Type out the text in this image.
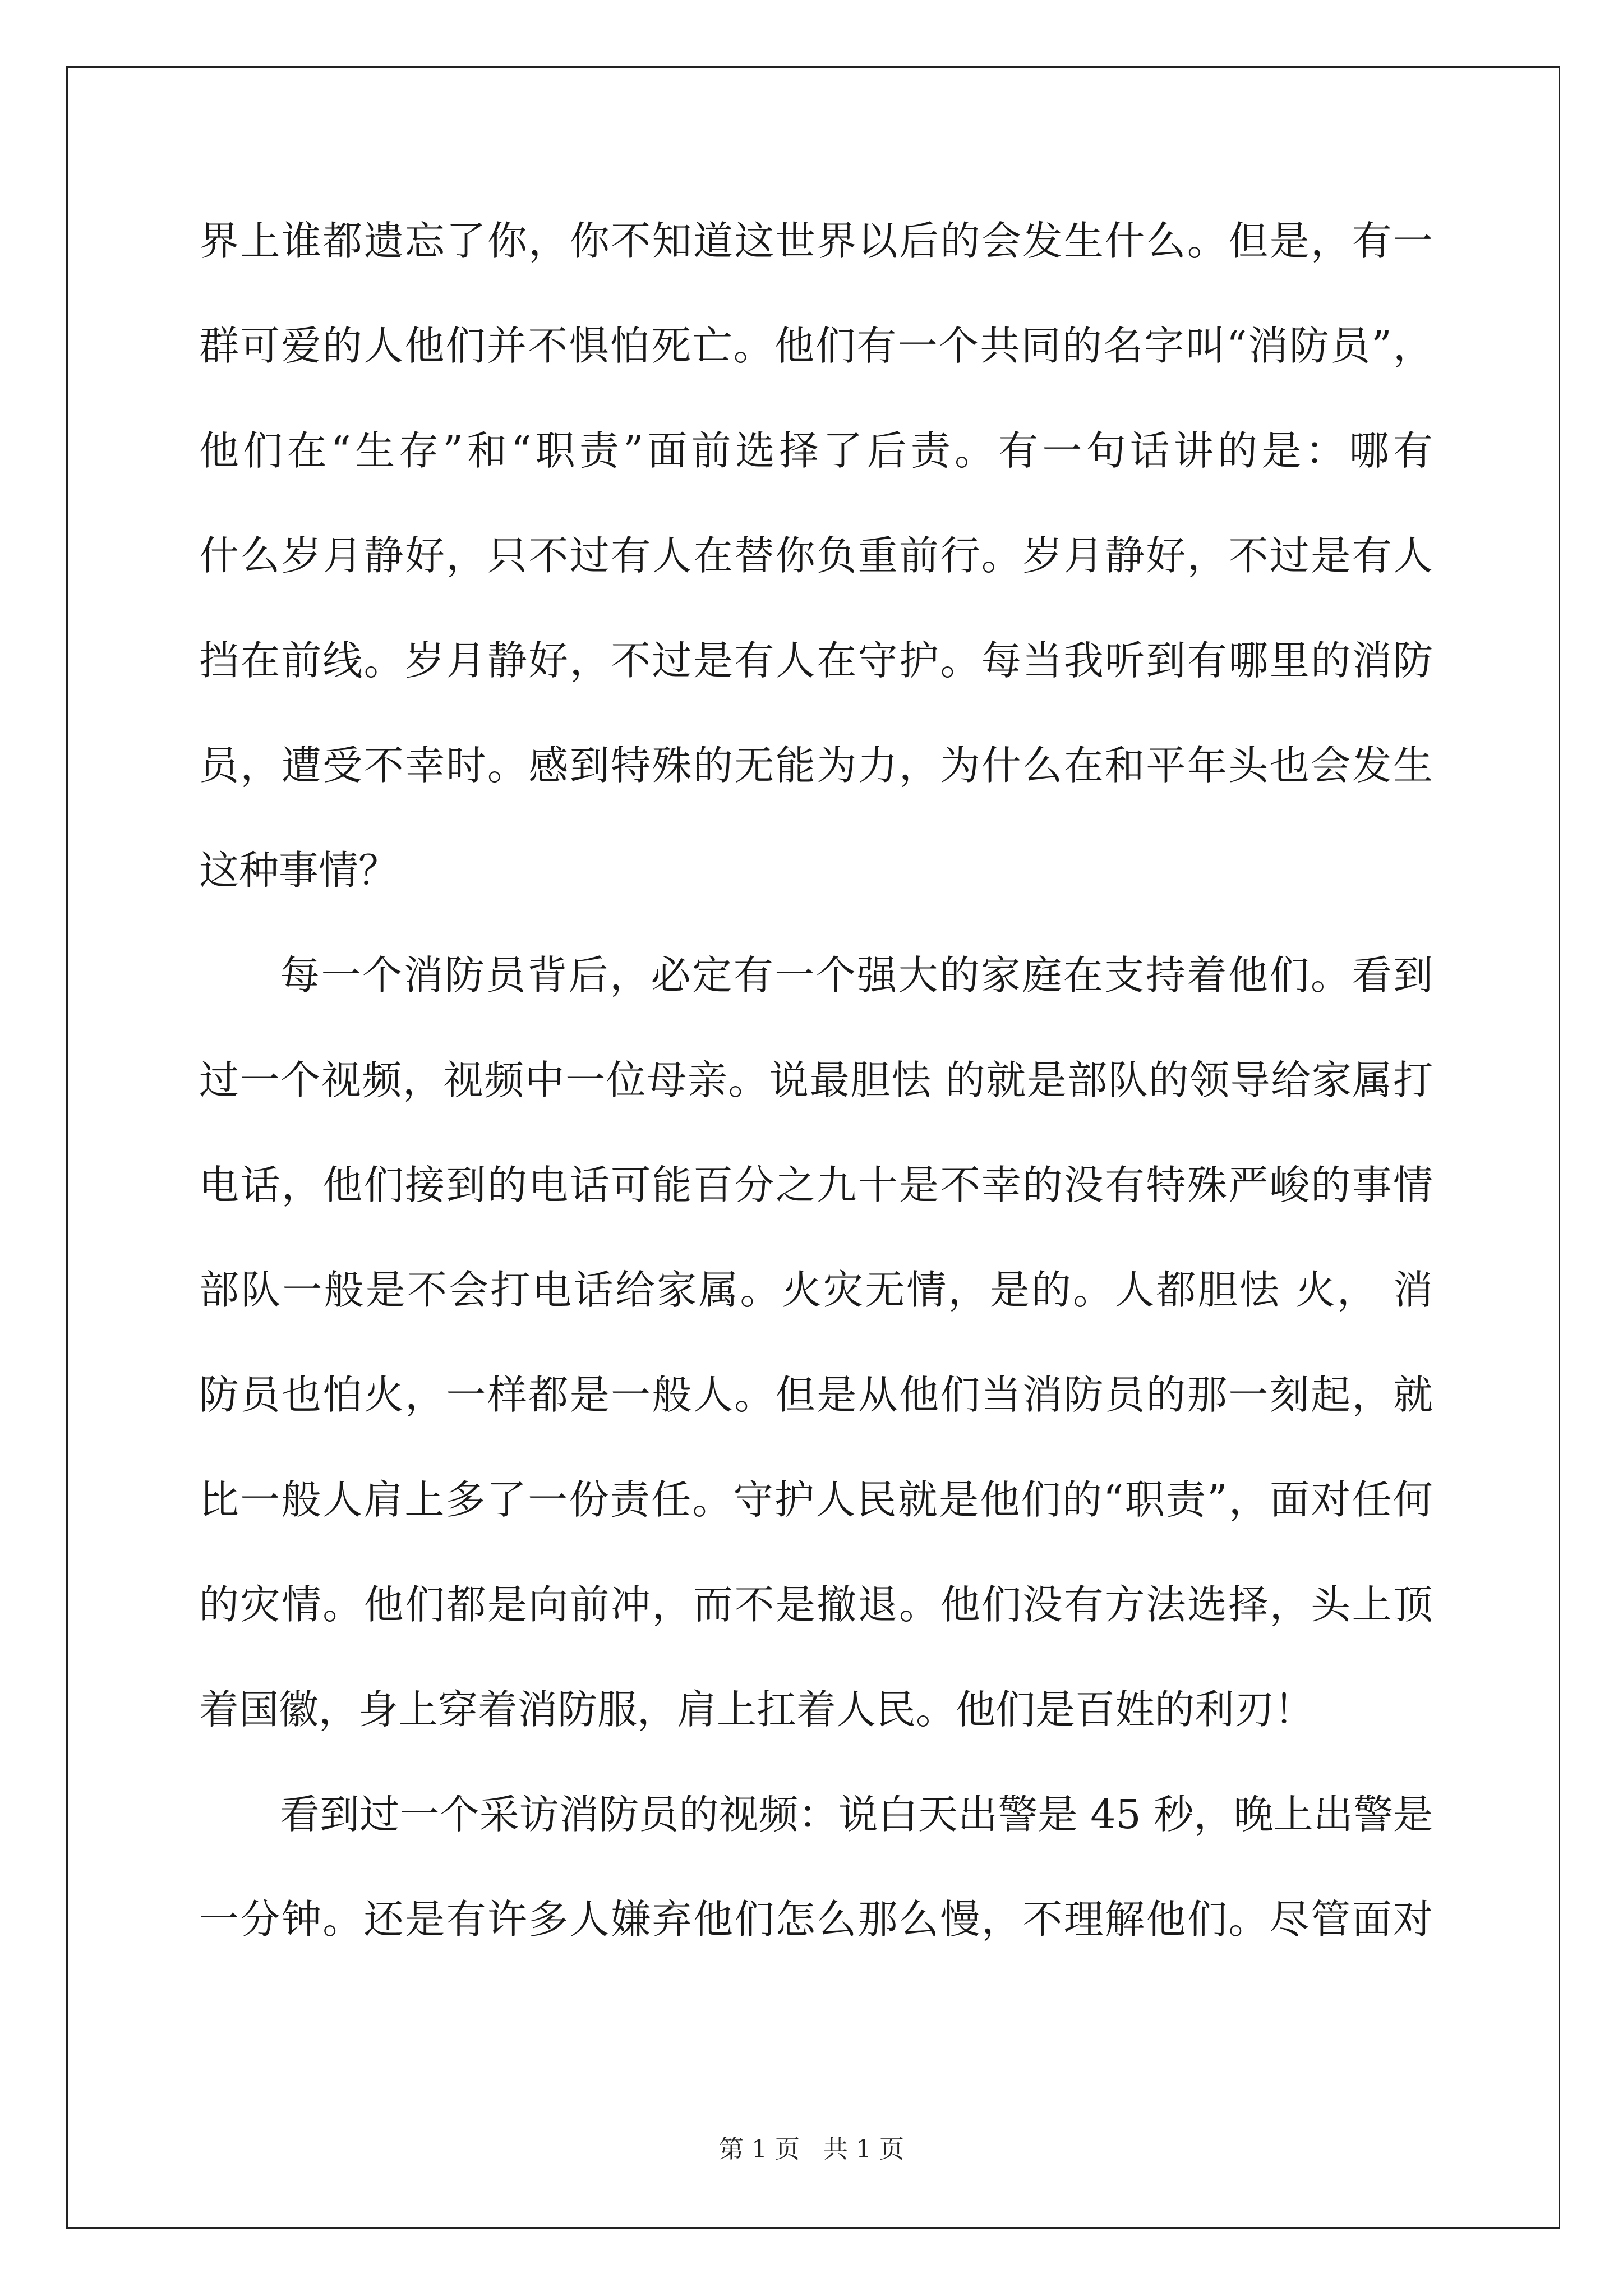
界上谁都遗忘了你，你不知道这世界以后的会发生什么。但是，有一
群可爱的人他们并不惧怕死亡。他们有一个共同的名字叫“消防员”，
他们在“生存”和“职责”面前选择了后责。有一句话讲的是：哪有
什么岁月静好，只不过有人在替你负重前行。岁月静好，不过是有人
挡在前线。岁月静好，不过是有人在守护。每当我听到有哪里的消防
员，遭受不幸时。感到特殊的无能为力，为什么在和平年头也会发生
这种事情？
每一个消防员背后，必定有一个强大的家庭在支持着他们。看到
过一个视频，视频中一位母亲。说最胆怯 的就是部队的领导给家属打
电话，他们接到的电话可能百分之九十是不幸的没有特殊严峻的事情
部队一般是不会打电话给家属。火灾无情，是的。人都胆怯 火， 消
防员也怕火，一样都是一般人。但是从他们当消防员的那一刻起，就
比一般人肩上多了一份责任。守护人民就是他们的“职责”，面对任何
的灾情。他们都是向前冲，而不是撤退。他们没有方法选择，头上顶
着国徽，身上穿着消防服，肩上扛着人民。他们是百姓的利刃！
看到过一个采访消防员的视频：说白天出警是 45 秒，晚上出警是
一分钟。还是有许多人嫌弃他们怎么那么慢，不理解他们。尽管面对
第 1 页 共 1 页
